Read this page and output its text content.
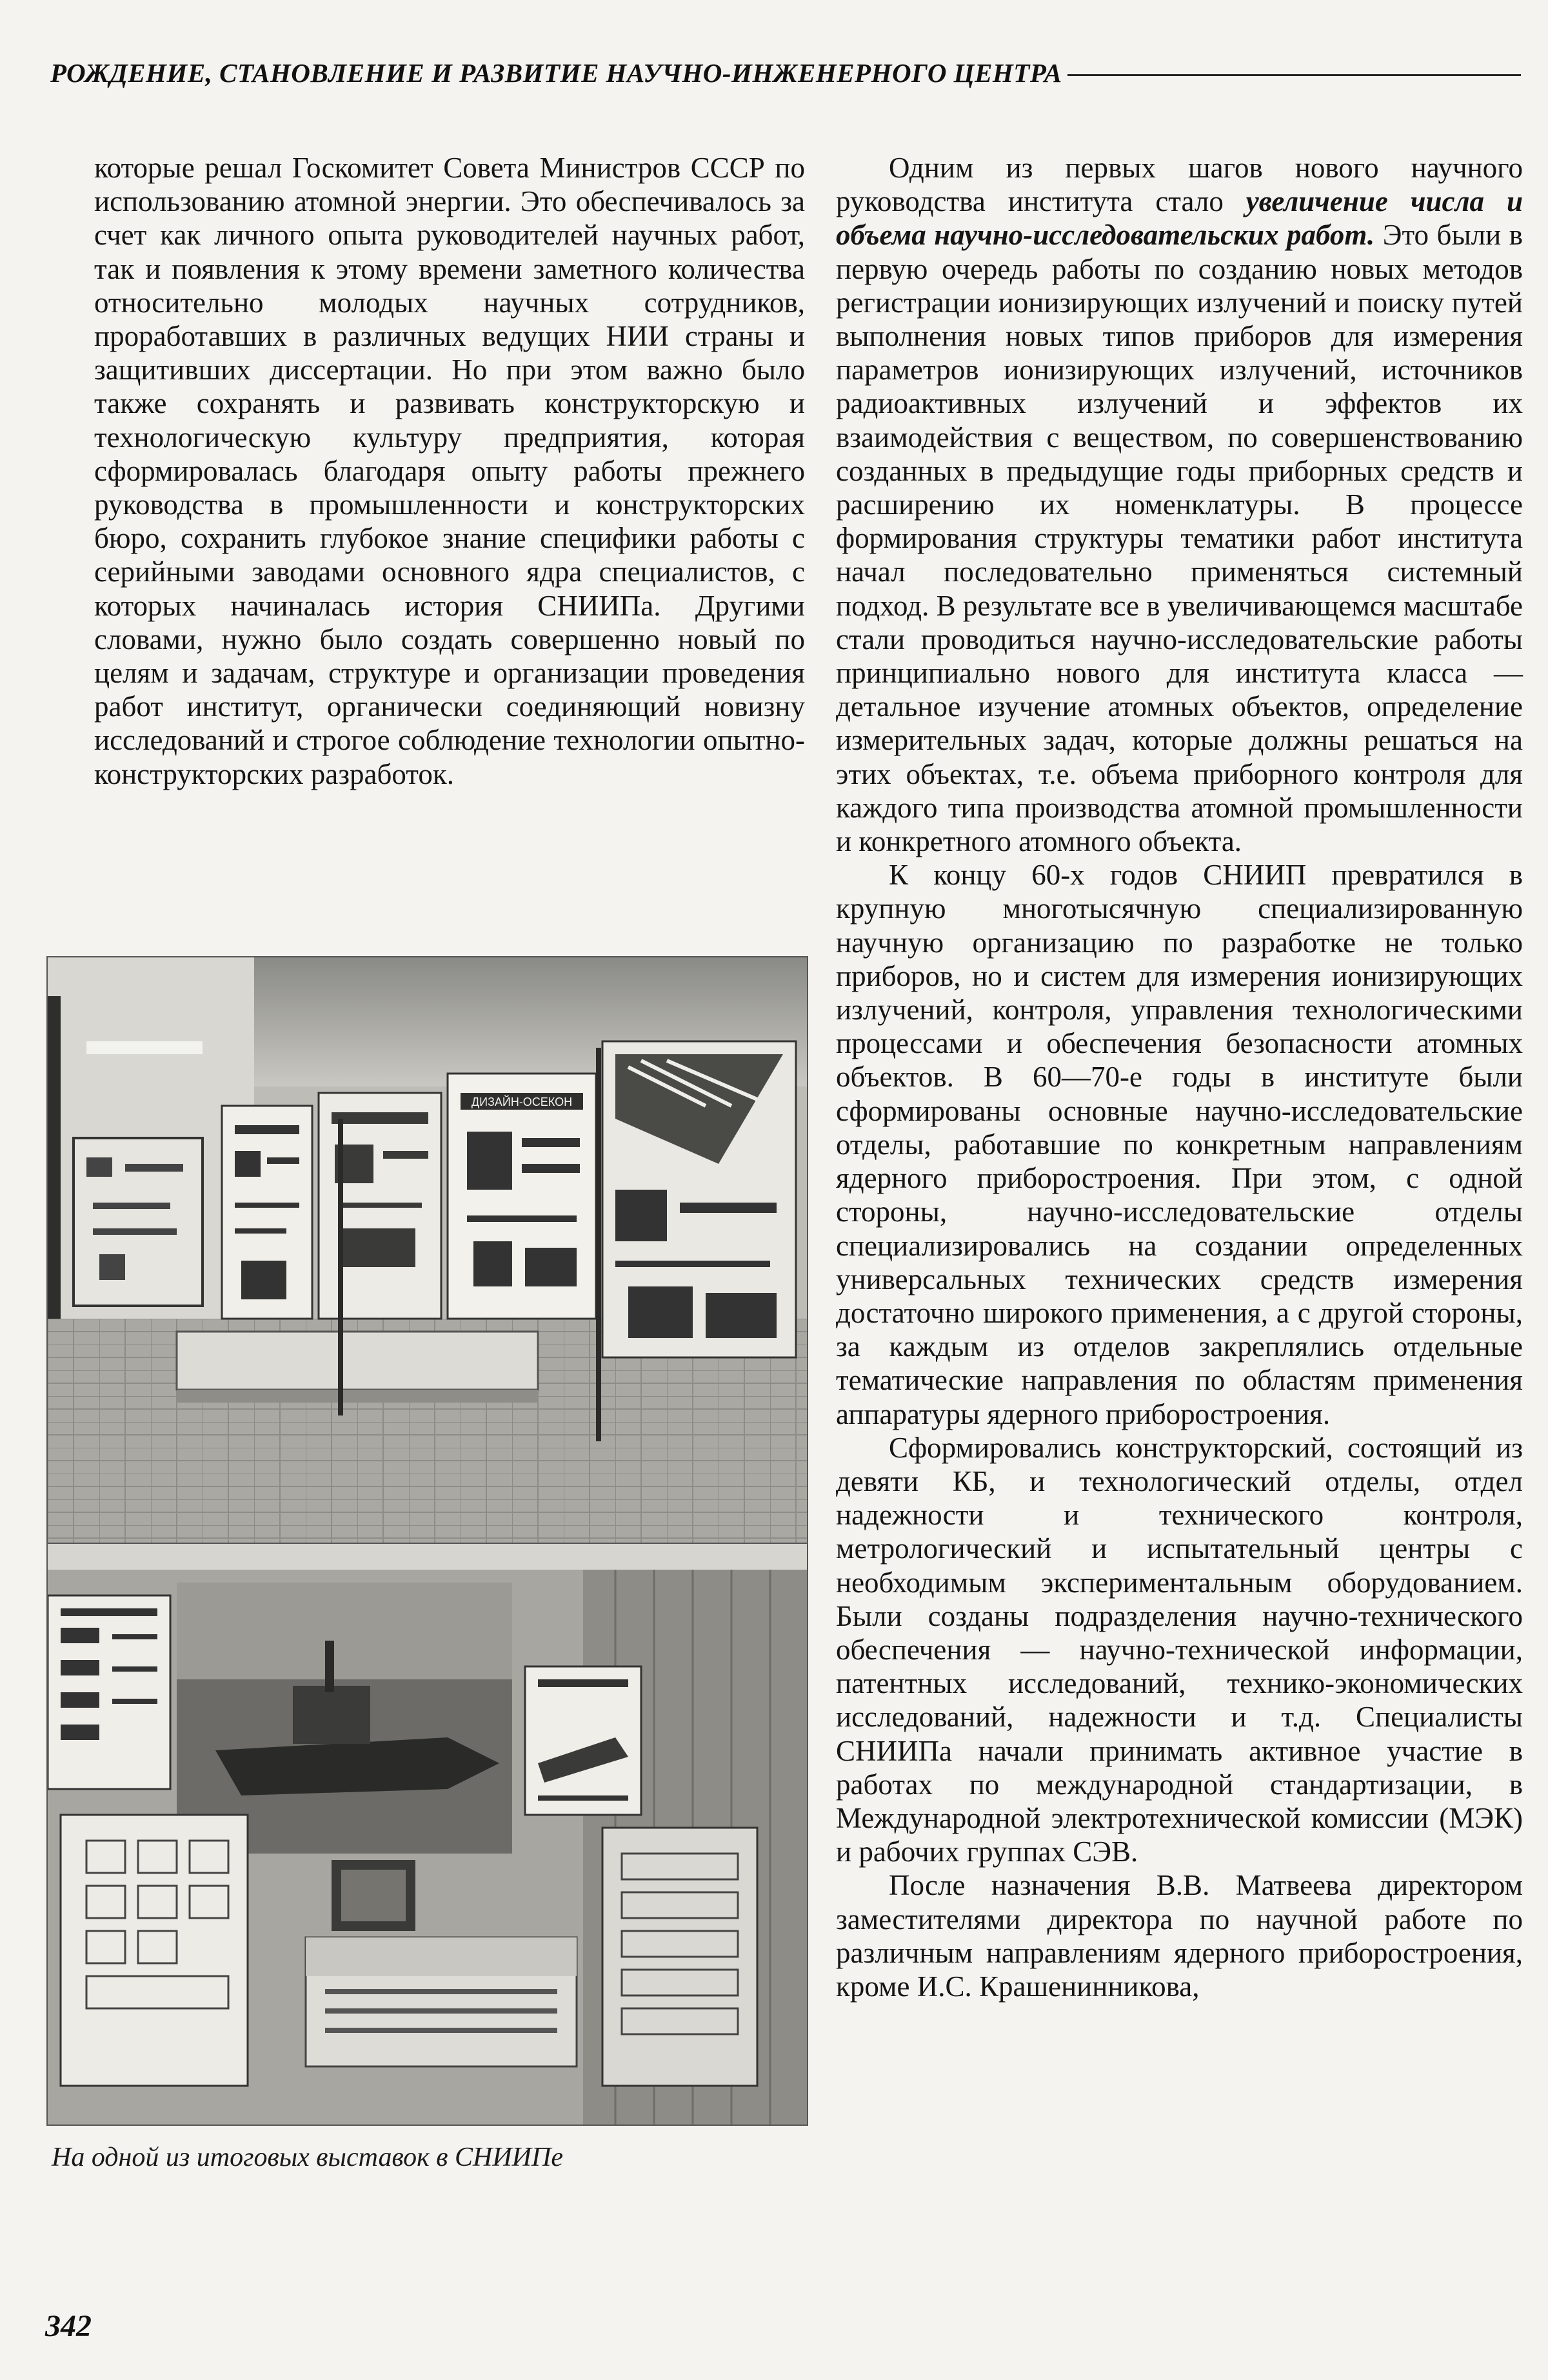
РОЖДЕНИЕ, СТАНОВЛЕНИЕ И РАЗВИТИЕ НАУЧНО-ИНЖЕНЕРНОГО ЦЕНТРА

которые решал Госкомитет Совета Министров СССР по использованию атомной энергии. Это обеспечивалось за счет как личного опыта руководителей научных работ, так и появления к этому времени заметного количества относительно молодых научных сотрудников, проработавших в различных ведущих НИИ страны и защитивших диссертации. Но при этом важно было также сохранять и развивать конструкторскую и технологическую культуру предприятия, которая сформировалась благодаря опыту работы прежнего руководства в промышленности и конструкторских бюро, сохранить глубокое знание специфики работы с серийными заводами основного ядра специалистов, с которых начиналась история СНИИПа. Другими словами, нужно было создать совершенно новый по целям и задачам, структуре и организации проведения работ институт, органически соединяющий новизну исследований и строгое соблюдение технологии опытно-конструкторских разработок.

ДИЗАЙН-ОСЕКОН
На одной из итоговых выставок в СНИИПе

Одним из первых шагов нового научного руководства института стало увеличение числа и объема научно-исследовательских работ. Это были в первую очередь работы по созданию новых методов регистрации ионизирующих излучений и поиску путей выполнения новых типов приборов для измерения параметров ионизирующих излучений, источников радиоактивных излучений и эффектов их взаимодействия с веществом, по совершенствованию созданных в предыдущие годы приборных средств и расширению их номенклатуры. В процессе формирования структуры тематики работ института начал последовательно применяться системный подход. В результате все в увеличивающемся масштабе стали проводиться научно-исследовательские работы принципиально нового для института класса — детальное изучение атомных объектов, определение измерительных задач, которые должны решаться на этих объектах, т.е. объема приборного контроля для каждого типа производства атомной промышленности и конкретного атомного объекта.

К концу 60-х годов СНИИП превратился в крупную многотысячную специализированную научную организацию по разработке не только приборов, но и систем для измерения ионизирующих излучений, контроля, управления технологическими процессами и обеспечения безопасности атомных объектов. В 60—70-е годы в институте были сформированы основные научно-исследовательские отделы, работавшие по конкретным направлениям ядерного приборостроения. При этом, с одной стороны, научно-исследовательские отделы специализировались на создании определенных универсальных технических средств измерения достаточно широкого применения, а с другой стороны, за каждым из отделов закреплялись отдельные тематические направления по областям применения аппаратуры ядерного приборостроения.

Сформировались конструкторский, состоящий из девяти КБ, и технологический отделы, отдел надежности и технического контроля, метрологический и испытательный центры с необходимым экспериментальным оборудованием. Были созданы подразделения научно-технического обеспечения — научно-технической информации, патентных исследований, технико-экономических исследований, надежности и т.д. Специалисты СНИИПа начали принимать активное участие в работах по международной стандартизации, в Международной электротехнической комиссии (МЭК) и рабочих группах СЭВ.

После назначения В.В. Матвеева директором заместителями директора по научной работе по различным направлениям ядерного приборостроения, кроме И.С. Крашенинникова,

342
